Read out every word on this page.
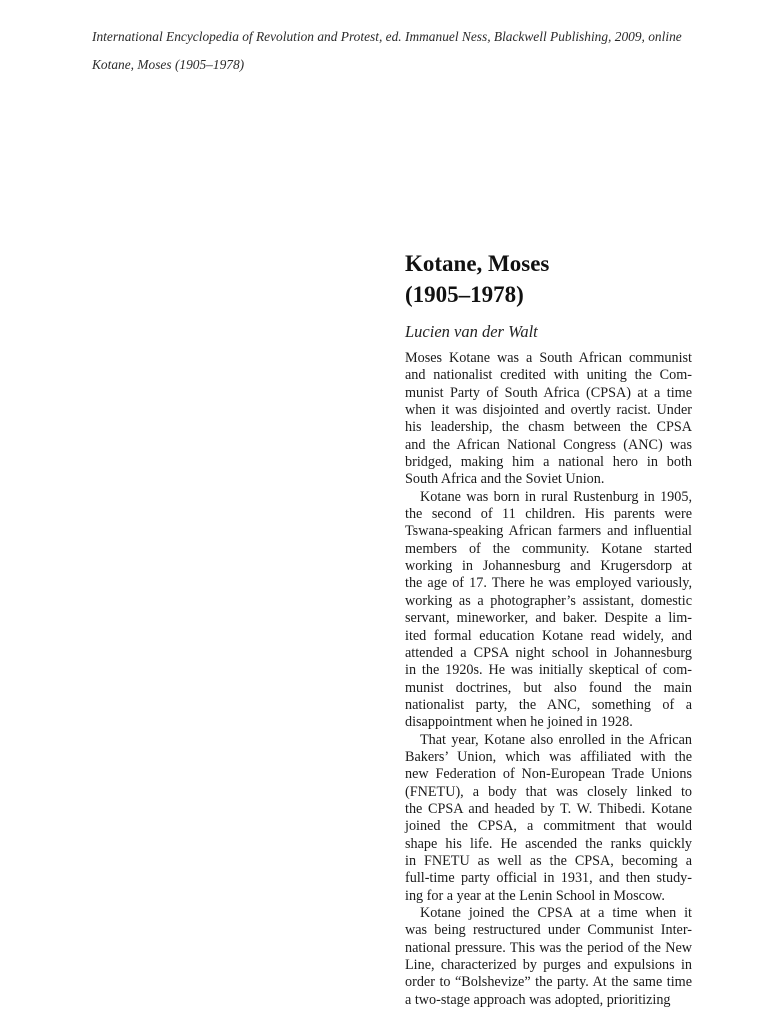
International Encyclopedia of Revolution and Protest, ed. Immanuel Ness, Blackwell Publishing, 2009, online
Kotane, Moses (1905–1978)
Kotane, Moses
(1905–1978)
Lucien van der Walt

Moses Kotane was a South African communist
and nationalist credited with uniting the Com-
munist Party of South Africa (CPSA) at a time
when it was disjointed and overtly racist. Under
his leadership, the chasm between the CPSA
and the African National Congress (ANC) was
bridged, making him a national hero in both
South Africa and the Soviet Union.

Kotane was born in rural Rustenburg in 1905,
the second of 11 children. His parents were
Tswana-speaking African farmers and influential
members of the community. Kotane started
working in Johannesburg and Krugersdorp at
the age of 17. There he was employed variously,
working as a photographer’s assistant, domestic
servant, mineworker, and baker. Despite a lim-
ited formal education Kotane read widely, and
attended a CPSA night school in Johannesburg
in the 1920s. He was initially skeptical of com-
munist doctrines, but also found the main
nationalist party, the ANC, something of a
disappointment when he joined in 1928.

That year, Kotane also enrolled in the African
Bakers’ Union, which was affiliated with the
new Federation of Non-European Trade Unions
(FNETU), a body that was closely linked to
the CPSA and headed by T. W. Thibedi. Kotane
joined the CPSA, a commitment that would
shape his life. He ascended the ranks quickly
in FNETU as well as the CPSA, becoming a
full-time party official in 1931, and then study-
ing for a year at the Lenin School in Moscow.

Kotane joined the CPSA at a time when it
was being restructured under Communist Inter-
national pressure. This was the period of the New
Line, characterized by purges and expulsions in
order to “Bolshevize” the party. At the same time
a two-stage approach was adopted, prioritizing
